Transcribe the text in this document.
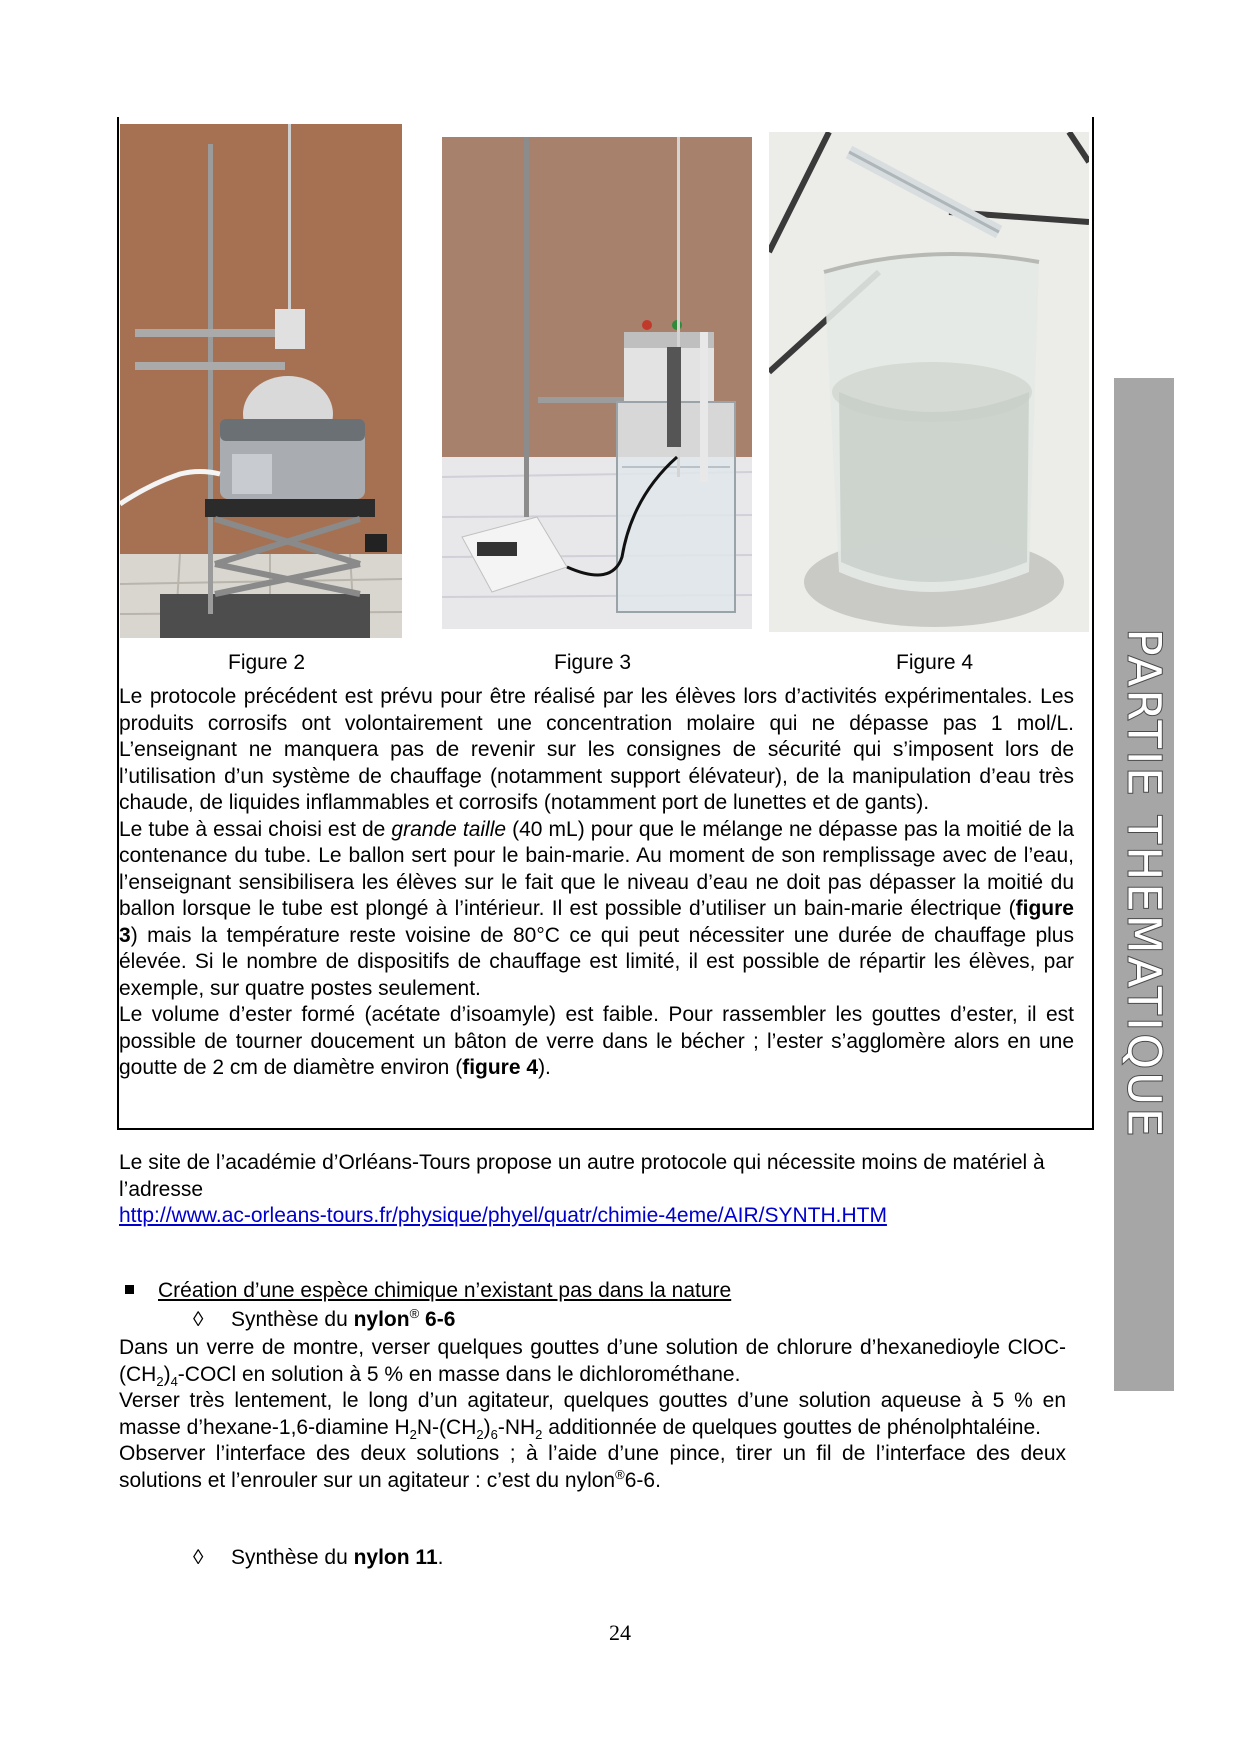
Figure 2	Figure 3	Figure 4

Le protocole précédent est prévu pour être réalisé par les élèves lors d’activités expérimentales. Les produits corrosifs ont volontairement une concentration molaire qui ne dépasse pas 1 mol/L. L’enseignant ne manquera pas de revenir sur les consignes de sécurité qui s’imposent lors de l’utilisation d’un système de chauffage (notamment support élévateur), de la manipulation d’eau très chaude, de liquides inflammables et corrosifs (notamment port de lunettes et de gants).

Le tube à essai choisi est de grande taille (40 mL) pour que le mélange ne dépasse pas la moitié de la contenance du tube. Le ballon sert pour le bain-marie. Au moment de son remplissage avec de l’eau, l’enseignant sensibilisera les élèves sur le fait que le niveau d’eau ne doit pas dépasser la moitié du ballon lorsque le tube est plongé à l’intérieur. Il est possible d’utiliser un bain-marie électrique (figure 3) mais la température reste voisine de 80°C ce qui peut nécessiter une durée de chauffage plus élevée. Si le nombre de dispositifs de chauffage est limité, il est possible de répartir les élèves, par exemple, sur quatre postes seulement.

Le volume d’ester formé (acétate d’isoamyle) est faible. Pour rassembler les gouttes d’ester, il est possible de tourner doucement un bâton de verre dans le bécher ; l’ester s’agglomère alors en une goutte de 2 cm de diamètre environ (figure 4).

Le site de l’académie d’Orléans-Tours propose un autre protocole qui nécessite moins de matériel à l’adresse

http://www.ac-orleans-tours.fr/physique/phyel/quatr/chimie-4eme/AIR/SYNTH.HTM

Création d’une espèce chimique n’existant pas dans la nature
◊ Synthèse du nylon® 6-6

Dans un verre de montre, verser quelques gouttes d’une solution de chlorure d’hexanedioyle ClOC-$(CH_2)_4$-COCl en solution à 5 % en masse dans le dichlorométhane.

Verser très lentement, le long d’un agitateur, quelques gouttes d’une solution aqueuse à 5 % en masse d’hexane-1,6-diamine $H_2N-(CH_2)_6-NH_2$ additionnée de quelques gouttes de phénolphtaléine.

Observer l’interface des deux solutions ; à l’aide d’une pince, tirer un fil de l’interface des deux solutions et l’enrouler sur un agitateur : c’est du nylon®6-6.

◊ Synthèse du nylon 11.
PARTIE THEMATIQUE
24
